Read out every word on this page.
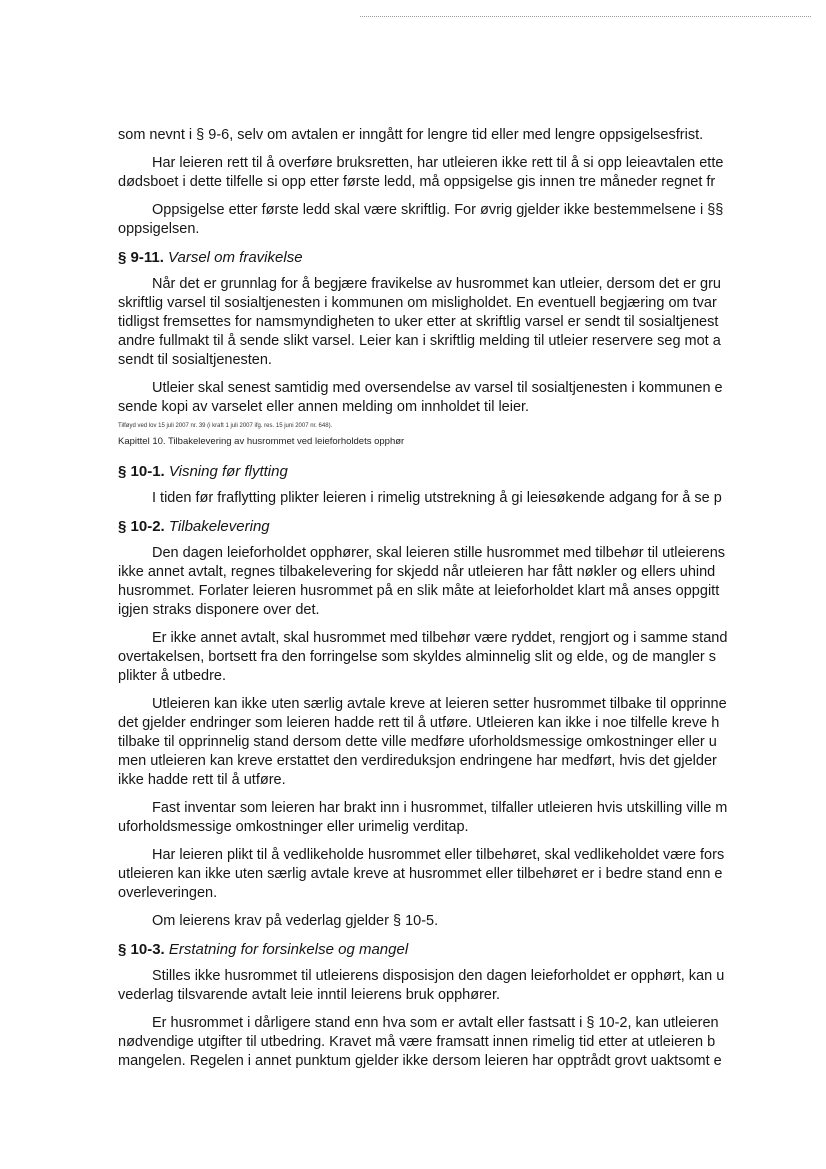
som nevnt i § 9-6, selv om avtalen er inngått for lengre tid eller med lengre oppsigelsesfrist.

Har leieren rett til å overføre bruksretten, har utleieren ikke rett til å si opp leieavtalen ette
dødsboet i dette tilfelle si opp etter første ledd, må oppsigelse gis innen tre måneder regnet fr

Oppsigelse etter første ledd skal være skriftlig. For øvrig gjelder ikke bestemmelsene i §§
oppsigelsen.

§ 9-11. Varsel om fravikelse

Når det er grunnlag for å begjære fravikelse av husrommet kan utleier, dersom det er gru
skriftlig varsel til sosialtjenesten i kommunen om misligholdet. En eventuell begjæring om tvar
tidligst fremsettes for namsmyndigheten to uker etter at skriftlig varsel er sendt til sosialtjenest
andre fullmakt til å sende slikt varsel. Leier kan i skriftlig melding til utleier reservere seg mot a
sendt til sosialtjenesten.

Utleier skal senest samtidig med oversendelse av varsel til sosialtjenesten i kommunen e
sende kopi av varselet eller annen melding om innholdet til leier.

Tilføyd ved lov 15 juli 2007 nr. 39 (i kraft 1 juli 2007 ifg. res. 15 juni 2007 nr. 648).
Kapittel 10. Tilbakelevering av husrommet ved leieforholdets opphør
§ 10-1. Visning før flytting

I tiden før fraflytting plikter leieren i rimelig utstrekning å gi leiesøkende adgang for å se p

§ 10-2. Tilbakelevering

Den dagen leieforholdet opphører, skal leieren stille husrommet med tilbehør til utleierens
ikke annet avtalt, regnes tilbakelevering for skjedd når utleieren har fått nøkler og ellers uhind
husrommet. Forlater leieren husrommet på en slik måte at leieforholdet klart må anses oppgitt
igjen straks disponere over det.

Er ikke annet avtalt, skal husrommet med tilbehør være ryddet, rengjort og i samme stand
overtakelsen, bortsett fra den forringelse som skyldes alminnelig slit og elde, og de mangler s
plikter å utbedre.

Utleieren kan ikke uten særlig avtale kreve at leieren setter husrommet tilbake til opprinne
det gjelder endringer som leieren hadde rett til å utføre. Utleieren kan ikke i noe tilfelle kreve h
tilbake til opprinnelig stand dersom dette ville medføre uforholdsmessige omkostninger eller u
men utleieren kan kreve erstattet den verdireduksjon endringene har medført, hvis det gjelder
ikke hadde rett til å utføre.

Fast inventar som leieren har brakt inn i husrommet, tilfaller utleieren hvis utskilling ville m
uforholdsmessige omkostninger eller urimelig verditap.

Har leieren plikt til å vedlikeholde husrommet eller tilbehøret, skal vedlikeholdet være fors
utleieren kan ikke uten særlig avtale kreve at husrommet eller tilbehøret er i bedre stand enn e
overleveringen.

Om leierens krav på vederlag gjelder § 10-5.

§ 10-3. Erstatning for forsinkelse og mangel

Stilles ikke husrommet til utleierens disposisjon den dagen leieforholdet er opphørt, kan u
vederlag tilsvarende avtalt leie inntil leierens bruk opphører.

Er husrommet i dårligere stand enn hva som er avtalt eller fastsatt i § 10-2, kan utleieren
nødvendige utgifter til utbedring. Kravet må være framsatt innen rimelig tid etter at utleieren b
mangelen. Regelen i annet punktum gjelder ikke dersom leieren har opptrådt grovt uaktsomt e
